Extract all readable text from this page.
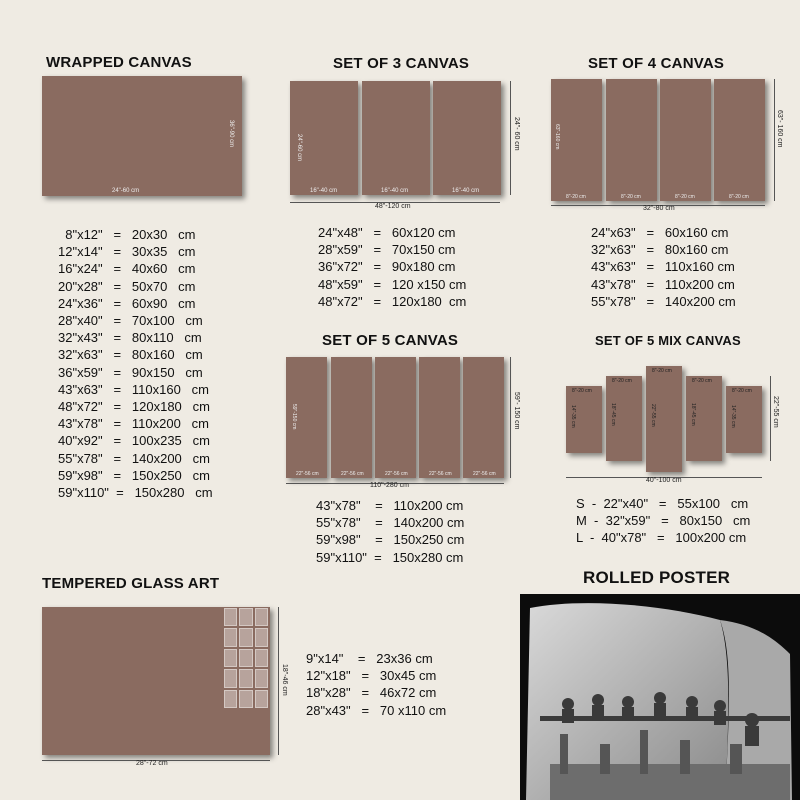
WRAPPED CANVAS
24"-60 cm
36"-90 cm
8"x12"   =   20x30   cm
12"x14"   =   30x35   cm
16"x24"   =   40x60   cm
20"x28"   =   50x70   cm
24"x36"   =   60x90   cm
28"x40"   =   70x100   cm
32"x43"   =   80x110   cm
32"x63"   =   80x160   cm
36"x59"   =   90x150   cm
43"x63"   =   110x160   cm
48"x72"   =   120x180   cm
43"x78"   =   110x200   cm
40"x92"   =   100x235   cm
55"x78"   =   140x200   cm
59"x98"   =   150x250   cm
59"x110"  =   150x280   cm
SET OF 3 CANVAS
16"-40 cm	16"-40 cm	16"-40 cm
24"-60 cm
48"-120 cm
24"- 60 cm
24"x48"   =   60x120 cm
28"x59"   =   70x150 cm
36"x72"   =   90x180 cm
48"x59"   =   120 x150 cm
48"x72"   =   120x180  cm
SET OF 4 CANVAS
8"-20 cm	8"-20 cm	8"-20 cm	8"-20 cm
63"-160 cm
32"-80 cm
63"- 160 cm
24"x63"   =   60x160 cm
32"x63"   =   80x160 cm
43"x63"   =   110x160 cm
43"x78"   =   110x200 cm
55"x78"   =   140x200 cm
SET OF 5 CANVAS
22"-56 cm	22"-56 cm	22"-56 cm	22"-56 cm	22"-56 cm
59"-150 cm
110"-280 cm
59"- 150 cm
43"x78"    =   110x200 cm
55"x78"    =   140x200 cm
59"x98"    =   150x250 cm
59"x110"  =   150x280 cm
SET OF 5 MIX CANVAS
8"-20 cm
8"-20 cm
8"-20 cm
8"-20 cm
8"-20 cm
14"-35 cm	18"-45 cm	22"-55 cm	18"-45 cm	14"-35 cm
40"-100 cm
22"-55 cm
S  -  22"x40"   =   55x100   cm
M  -  32"x59"   =   80x150   cm
L  -  40"x78"   =   100x200 cm
TEMPERED GLASS ART
28"-72 cm
18"-46 cm
9"x14"    =   23x36 cm
12"x18"   =   30x45 cm
18"x28"   =   46x72 cm
28"x43"   =   70 x110 cm
ROLLED POSTER
